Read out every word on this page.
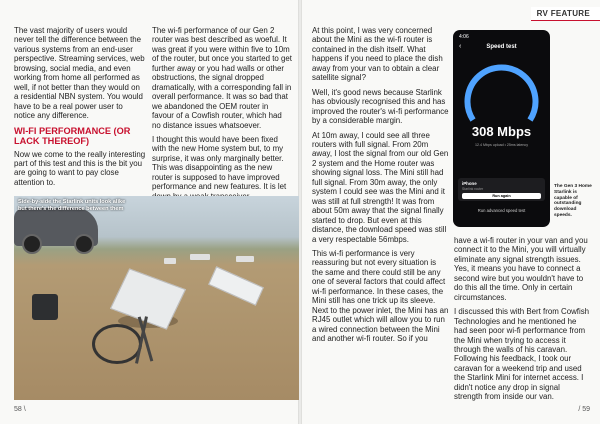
RV FEATURE

The vast majority of users would never tell the difference between the various systems from an end-user perspective. Streaming services, web browsing, social media, and even working from home all performed as well, if not better than they would on a residential NBN system. You would have to be a real power user to notice any difference.

WI-FI PERFORMANCE (OR LACK THEREOF)

Now we come to the really interesting part of this test and this is the bit you are going to want to pay close attention to.

The wi-fi performance of our Gen 2 router was best described as woeful. It was great if you were within five to 10m of the router, but once you started to get further away or you had walls or other obstructions, the signal dropped dramatically, with a corresponding fall in overall performance. It was so bad that we abandoned the OEM router in favour of a Cowfish router, which had no distance issues whatsoever.

I thought this would have been fixed with the new Home system but, to my surprise, it was only marginally better. This was disappointing as the new router is supposed to have improved performance and new features. It is let

Side-by-side the Starlink units look alike but there's the difference between them

At this point, I was very concerned about the Mini as the wi-fi router is contained in the dish itself. What happens if you need to place the dish away from your van to obtain a clear satellite signal?

Well, it's good news because Starlink has obviously recognised this and has improved the router's wi-fi performance by a considerable margin.

At 10m away, I could see all three routers with full signal. From 20m away, I lost the signal from our old Gen 2 system and the Home router was showing signal loss. The Mini still had full signal. From 30m away, the only system I could see was the Mini and it was still at full strength! It was from about 50m away that the signal finally started to drop. But even at this distance, the download speed was still a very respectable 56mbps.

This wi-fi performance is very reassuring but not every situation is the same and there could still be any one of several factors that could affect wi-fi performance. In these cases, the Mini still has one trick up its sleeve. Next to the power inlet, the Mini has an RJ45 outlet which will allow you to run a wired connection between the Mini and another wi-fi router. So if you

4:06
‹	Speed test
308 Mbps
12.4 Mbps upload • 25ms latency
iPhone
Starlink router
Run again
Run advanced speed test
The Gen 3 Home Starlink is capable of outstanding download speeds.

have a wi-fi router in your van and you connect it to the Mini, you will virtually eliminate any signal strength issues. Yes, it means you have to connect a second wire but you wouldn't have to do this all the time. Only in certain circumstances.

I discussed this with Bert from Cowfish Technologies and he mentioned he had seen poor wi-fi performance from the Mini when trying to access it through the walls of his caravan. Following his feedback, I took our caravan for a weekend trip and used the Starlink Mini for internet access. I didn't notice any drop in signal strength from inside our van.

58 \	/ 59
